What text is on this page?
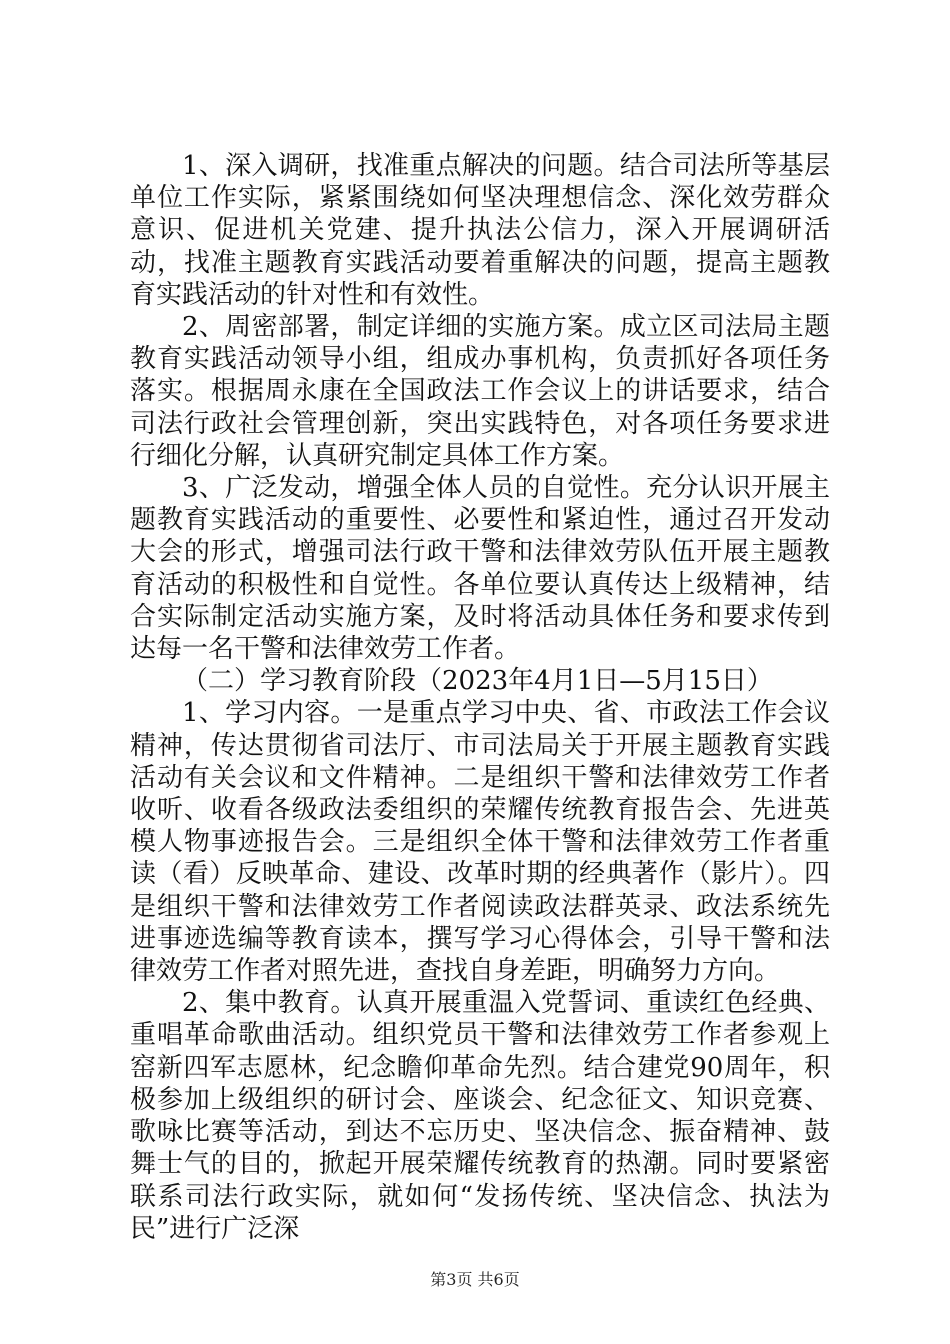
1、深入调研，找准重点解决的问题。结合司法所等基层单位工作实际，紧紧围绕如何坚决理想信念、深化效劳群众意识、促进机关党建、提升执法公信力，深入开展调研活动，找准主题教育实践活动要着重解决的问题，提高主题教育实践活动的针对性和有效性。

2、周密部署，制定详细的实施方案。成立区司法局主题教育实践活动领导小组，组成办事机构，负责抓好各项任务落实。根据周永康在全国政法工作会议上的讲话要求，结合司法行政社会管理创新，突出实践特色，对各项任务要求进行细化分解，认真研究制定具体工作方案。

3、广泛发动，增强全体人员的自觉性。充分认识开展主题教育实践活动的重要性、必要性和紧迫性，通过召开发动大会的形式，增强司法行政干警和法律效劳队伍开展主题教育活动的积极性和自觉性。各单位要认真传达上级精神，结合实际制定活动实施方案，及时将活动具体任务和要求传到达每一名干警和法律效劳工作者。

（二）学习教育阶段（2023年4月1日—5月15日）

1、学习内容。一是重点学习中央、省、市政法工作会议精神，传达贯彻省司法厅、市司法局关于开展主题教育实践活动有关会议和文件精神。二是组织干警和法律效劳工作者收听、收看各级政法委组织的荣耀传统教育报告会、先进英模人物事迹报告会。三是组织全体干警和法律效劳工作者重读（看）反映革命、建设、改革时期的经典著作（影片）。四是组织干警和法律效劳工作者阅读政法群英录、政法系统先进事迹选编等教育读本，撰写学习心得体会，引导干警和法律效劳工作者对照先进，查找自身差距，明确努力方向。

2、集中教育。认真开展重温入党誓词、重读红色经典、重唱革命歌曲活动。组织党员干警和法律效劳工作者参观上窑新四军志愿林，纪念瞻仰革命先烈。结合建党90周年，积极参加上级组织的研讨会、座谈会、纪念征文、知识竞赛、歌咏比赛等活动，到达不忘历史、坚决信念、振奋精神、鼓舞士气的目的，掀起开展荣耀传统教育的热潮。同时要紧密联系司法行政实际，就如何“发扬传统、坚决信念、执法为民”进行广泛深

第3页 共6页
